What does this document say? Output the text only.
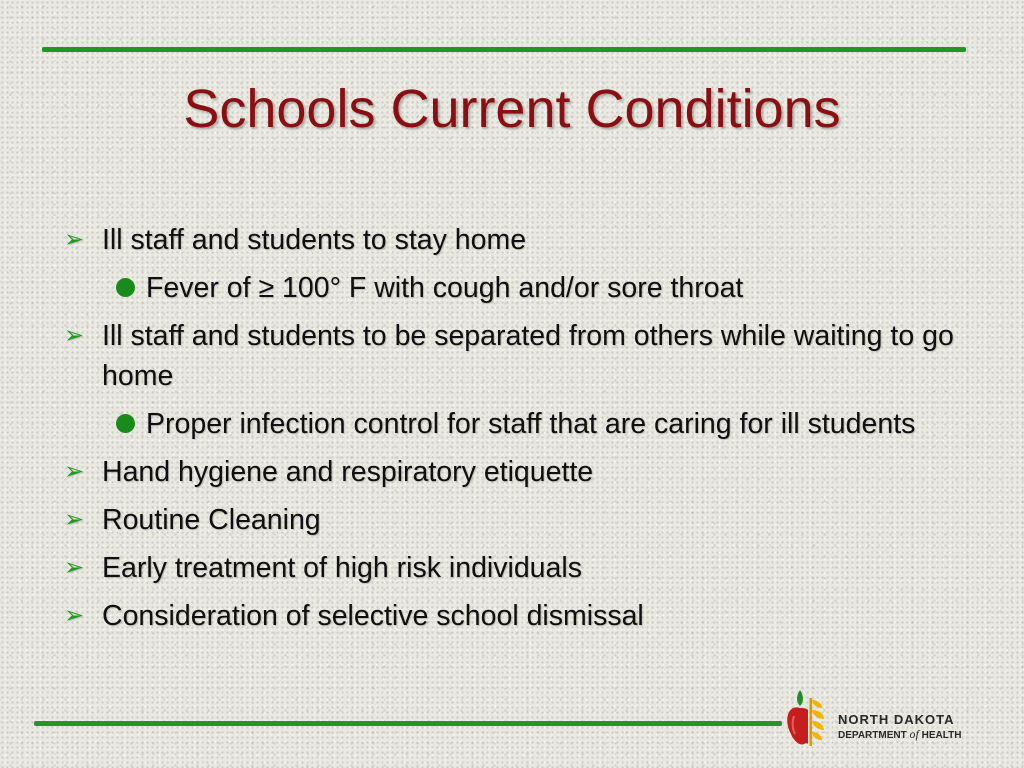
Schools Current Conditions
➢ Ill staff and students to stay home
Fever of ≥ 100° F with cough and/or sore throat
➢ Ill staff and students to be separated from others while waiting to go home
Proper infection control for staff that are caring for ill students
➢ Hand hygiene and respiratory etiquette
➢ Routine Cleaning
➢ Early treatment of high risk individuals
➢ Consideration of selective school dismissal
NORTH DAKOTA
DEPARTMENT of HEALTH
